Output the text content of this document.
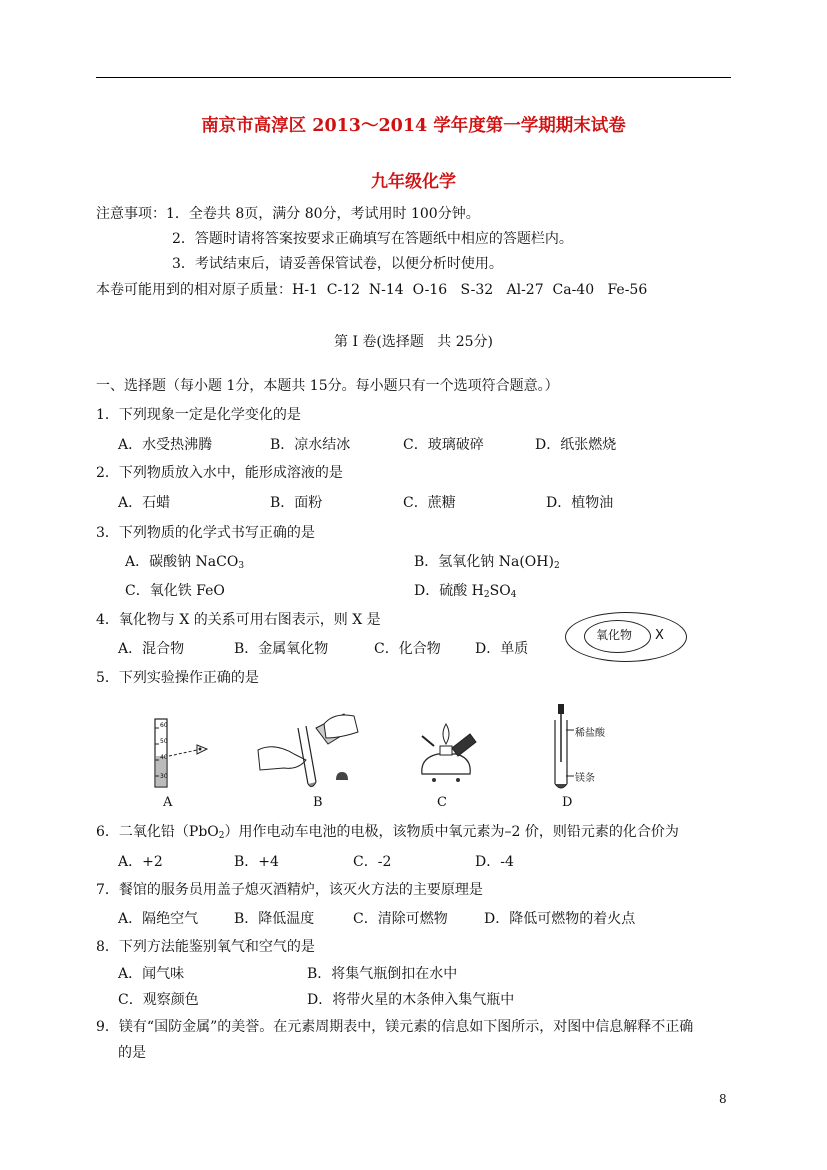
南京市高淳区 2013～2014 学年度第一学期期末试卷
九年级化学
注意事项：1．全卷共 8页，满分 80分，考试用时 100分钟。
2．答题时请将答案按要求正确填写在答题纸中相应的答题栏内。
3．考试结束后，请妥善保管试卷，以便分析时使用。
本卷可能用到的相对原子质量：H-1  C-12  N-14  O-16   S-32   Al-27  Ca-40   Fe-56
第 I 卷(选择题   共 25分)
一、选择题（每小题 1分，本题共 15分。每小题只有一个选项符合题意。）
1．下列现象一定是化学变化的是
A．水受热沸腾	B．凉水结冰	C．玻璃破碎	D．纸张燃烧
2．下列物质放入水中，能形成溶液的是
A．石蜡	B．面粉	C．蔗糖	D．植物油
3．下列物质的化学式书写正确的是
A．碳酸钠 NaCO$_3$	B．氢氧化钠 $Na(OH)_2$
C．氧化铁 FeO	D．硫酸 $H_2SO_4$
4．氧化物与 X 的关系可用右图表示，则 X 是
A．混合物	B．金属氧化物	C．化合物 D．单质
氧化物 X
5．下列实验操作正确的是
60
50
40
30
A	B	C
稀盐酸
镁条
D
6．二氧化铅（PbO$_2$）用作电动车电池的电极，该物质中氧元素为–2 价，则铅元素的化合价为
A．+2	B．+4	C．-2	D．-4
7．餐馆的服务员用盖子熄灭酒精炉，该灭火方法的主要原理是
A．隔绝空气	B．降低温度	C．清除可燃物	D．降低可燃物的着火点
8．下列方法能鉴别氧气和空气的是
A．闻气味	B．将集气瓶倒扣在水中
C．观察颜色	D．将带火星的木条伸入集气瓶中
9．镁有“国防金属”的美誉。在元素周期表中，镁元素的信息如下图所示，对图中信息解释不正确
的是
8
